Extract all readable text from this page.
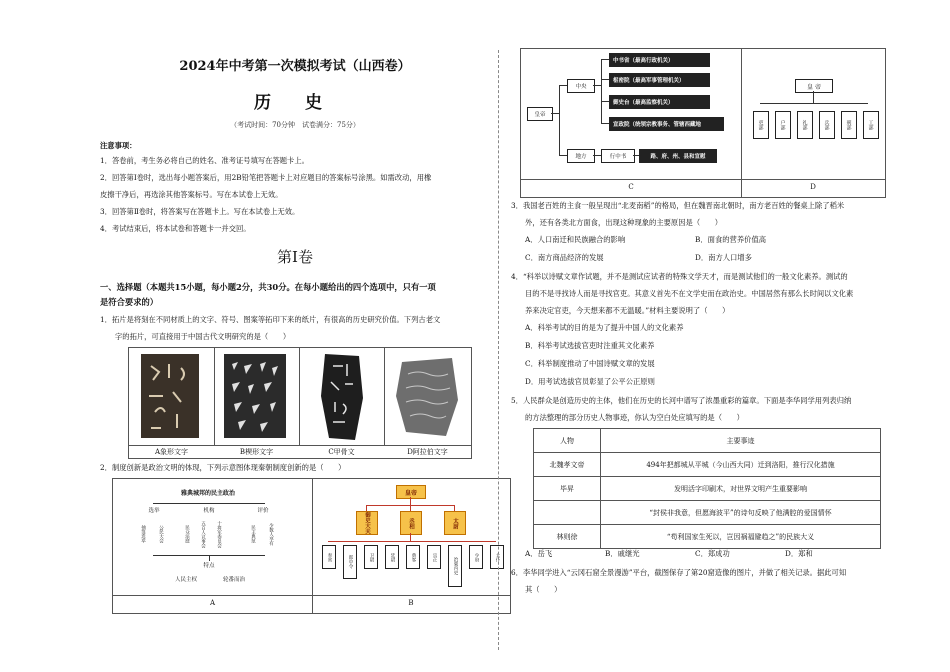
2024年中考第一次模拟考试（山西卷）
历 史
（考试时间：70分钟　试卷满分：75分）
注意事项：
1．答卷前，考生务必将自己的姓名、准考证号填写在答题卡上。
2．回答第Ⅰ卷时，选出每小题答案后，用2B铅笔把答题卡上对应题目的答案标号涂黑。如需改动，用橡
皮擦干净后，再选涂其他答案标号。写在本试卷上无效。
3．回答第Ⅱ卷时，将答案写在答题卡上。写在本试卷上无效。
4．考试结束后，将本试卷和答题卡一并交回。
第Ⅰ卷
一、选择题（本题共15小题，每小题2分，共30分。在每小题给出的四个选项中，只有一项
是符合要求的）
1．拓片是将刻在不同材质上的文字、符号、图案等拓印下来的纸片，有很高的历史研究价值。下列古老文
字的拓片，可直接用于中国古代文明研究的是（　　）
A象形文字	B楔形文字	C甲骨文	D阿拉伯文字
2．制度创新是政治文明的体现，下列示意图体现秦朝制度创新的是（　　）
A	B
雅典城邦的民主政治
选举	机构	评价
抽签选举	公民大会	民众法庭	五百人议事会	十将军委员会	民主典范	少数人享有
特点
人民主权	轮番而治
皇帝
御史大夫	丞相	太尉
奉常	郎中令	卫尉	廷尉	典客	宗正	治粟内史	少府	太仆
C	D
皇帝
中央
中书省（最高行政机关）
枢密院（最高军事管理机关）
御史台（最高监察机关）
宣政院（统领宗教事务、管辖西藏地
地方	行中书	路、府、州、县和宣慰
皇 帝
吏部	户部	礼部	兵部	刑部	工部
3．我国老百姓的主食一般呈现出“北麦南稻”的格局，但在魏晋南北朝时，南方老百姓的餐桌上除了稻米
外，还有各类北方面食，出现这种现象的主要原因是（　　）
A．人口南迁和民族融合的影响	B．面食的营养价值高
C．南方商品经济的发展	D．南方人口增多
4．“科举以诗赋文章作试题，并不是测试应试者的特殊文学天才，而是测试他们的一般文化素养。测试的
目的不是寻找诗人而是寻找官吏。其意义首先不在文学史而在政治史。中国居然有那么长时间以文化素
养来决定官吏，今天想来都不无温暖。”材料主要说明了（　　）
A．科举考试的目的是为了提升中国人的文化素养
B．科举考试选拔官吏时注重其文化素养
C．科举制度推动了中国诗赋文章的发展
D．用考试选拔官员彰显了公平公正原则
5．人民群众是创造历史的主体，他们在历史的长河中谱写了浓墨重彩的篇章。下面是李华同学用列表归纳
的方法整理的部分历史人物事迹，你认为空白处应填写的是（　　）
人物	主要事迹
北魏孝文帝	494年把都城从平城（今山西大同）迁到洛阳，推行汉化措施
毕昇	发明活字印刷术，对世界文明产生重要影响
	“封侯非我意，但愿海波平”的诗句反映了他满腔的爱国情怀
林则徐	“苟利国家生死以，岂因祸福避趋之”的民族大义
A．岳飞	B．戚继光	C．郑成功	D．郑和
6．李华同学进入“云冈石窟全景漫游”平台，截图保存了第20窟造像的图片，并做了相关记录。据此可知
其（　　）
